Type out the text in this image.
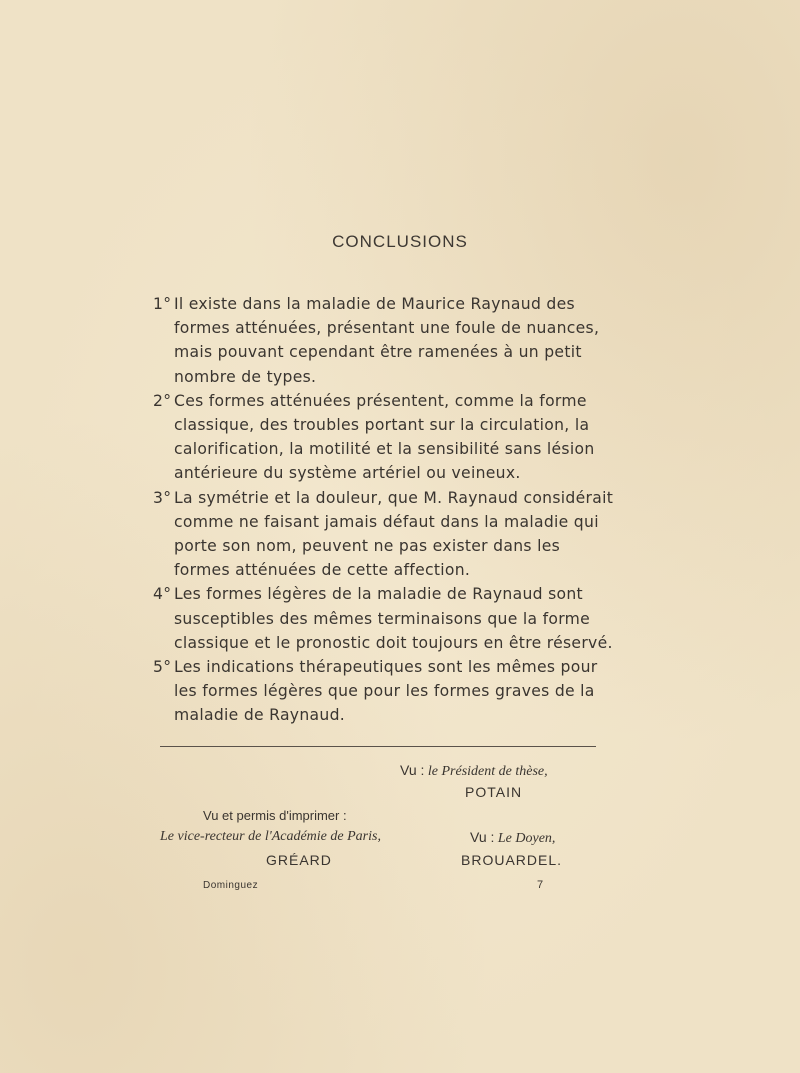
CONCLUSIONS

1° Il existe dans la maladie de Maurice Raynaud des formes atténuées, présentant une foule de nuances, mais pouvant cependant être ramenées à un petit nombre de types.

2° Ces formes atténuées présentent, comme la forme classique, des troubles portant sur la circulation, la calorification, la motilité et la sensibilité sans lésion antérieure du système artériel ou veineux.

3° La symétrie et la douleur, que M. Raynaud considérait comme ne faisant jamais défaut dans la maladie qui porte son nom, peuvent ne pas exister dans les formes atténuées de cette affection.

4° Les formes légères de la maladie de Raynaud sont susceptibles des mêmes terminaisons que la forme classique et le pronostic doit toujours en être réservé.

5° Les indications thérapeutiques sont les mêmes pour les formes légères que pour les formes graves de la maladie de Raynaud.

Vu : le Président de thèse,
POTAIN
Vu et permis d'imprimer :
Le vice-recteur de l'Académie de Paris,	Vu : Le Doyen,
GRÉARD	BROUARDEL.
Dominguez	7
